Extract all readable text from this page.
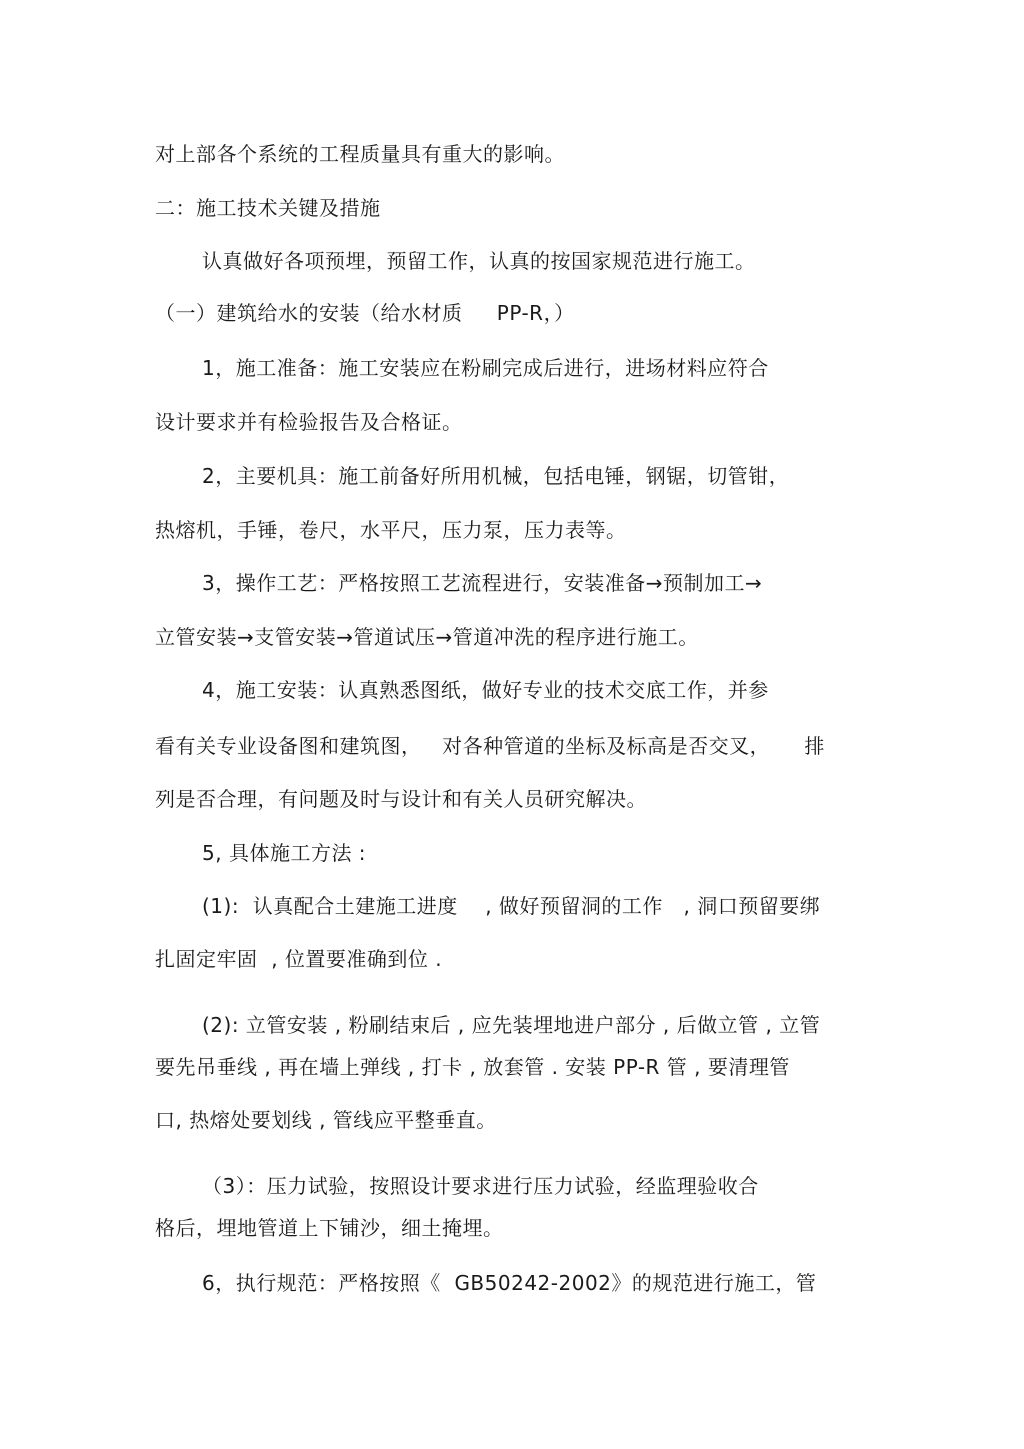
对上部各个系统的工程质量具有重大的影响。
二：施工技术关键及措施
认真做好各项预埋，预留工作，认真的按国家规范进行施工。
（一）建筑给水的安装（给水材质     PP-R，）
1，施工准备：施工安装应在粉刷完成后进行，进场材料应符合
设计要求并有检验报告及合格证。
2，主要机具：施工前备好所用机械，包括电锤，钢锯，切管钳，
热熔机，手锤，卷尺，水平尺，压力泵，压力表等。
3，操作工艺：严格按照工艺流程进行，安装准备→预制加工→
立管安装→支管安装→管道试压→管道冲洗的程序进行施工。
4，施工安装：认真熟悉图纸，做好专业的技术交底工作，并参
看有关专业设备图和建筑图，   对各种管道的坐标及标高是否交叉，     排
列是否合理，有问题及时与设计和有关人员研究解决。
5, 具体施工方法 :
(1):  认真配合土建施工进度    , 做好预留洞的工作   , 洞口预留要绑
扎固定牢固  , 位置要准确到位 .
(2): 立管安装 , 粉刷结束后 , 应先装埋地进户部分 , 后做立管 , 立管
要先吊垂线 , 再在墙上弹线 , 打卡 , 放套管 . 安装 PP-R 管 , 要清理管
口, 热熔处要划线 , 管线应平整垂直。
（3）：压力试验，按照设计要求进行压力试验，经监理验收合
格后，埋地管道上下铺沙，细土掩埋。
6，执行规范：严格按照《  GB50242-2002》的规范进行施工，管
